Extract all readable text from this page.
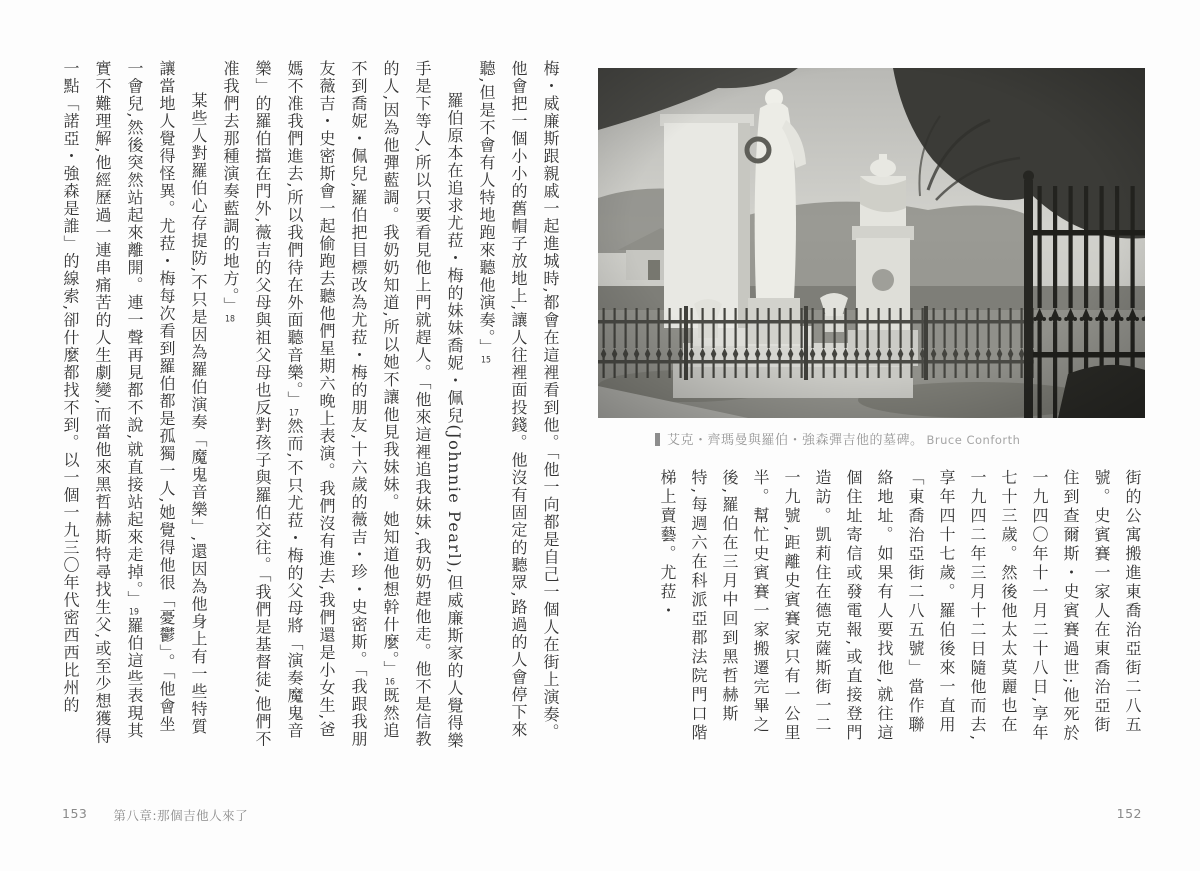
梅・威廉斯跟親戚一起進城時,都會在這裡看到他。「他一向都是自己一個人在街上演奏。他會把一個小小的舊帽子放地上,讓人往裡面投錢。他沒有固定的聽眾,路過的人會停下來聽,但是不會有人特地跑來聽他演奏。」15

羅伯原本在追求尤菈・梅的妹妹喬妮・佩兒(Johnnie Pearl),但威廉斯家的人覺得樂手是下等人,所以只要看見他上門就趕人。「他來這裡追我妹妹,我奶奶趕他走。他不是信教的人,因為他彈藍調。我奶奶知道,所以她不讓他見我妹妹。她知道他想幹什麼。」16既然追不到喬妮・佩兒,羅伯把目標改為尤菈・梅的朋友,十六歲的薇吉・珍・史密斯。「我跟我朋友薇吉・史密斯會一起偷跑去聽他們星期六晚上表演。我們沒有進去,我們還是小女生,爸媽不准我們進去,所以我們待在外面聽音樂。」17然而,不只尤菈・梅的父母將「演奏魔鬼音樂」的羅伯擋在門外,薇吉的父母與祖父母也反對孩子與羅伯交往。「我們是基督徒,他們不准我們去那種演奏藍調的地方。」18

某些人對羅伯心存提防,不只是因為羅伯演奏「魔鬼音樂」,還因為他身上有一些特質讓當地人覺得怪異。尤菈・梅每次看到羅伯都是孤獨一人,她覺得他很「憂鬱」。「他會坐一會兒,然後突然站起來離開。連一聲再見都不說,就直接站起來走掉。」19羅伯這些表現其實不難理解,他經歷過一連串痛苦的人生劇變,而當他來黑哲赫斯特尋找生父,或至少想獲得一點「諾亞・強森是誰」的線索,卻什麼都找不到。以一個一九三〇年代密西西比州的	艾克・齊瑪曼與羅伯・強森彈吉他的墓碑。 Bruce Conforth

街的公寓搬進東喬治亞街二八五號。史賓賽一家人在東喬治亞街住到查爾斯・史賓賽過世;他死於一九四〇年十一月二十八日,享年七十三歲。然後他太太莫麗也在一九四二年三月十二日隨他而去,享年四十七歲。羅伯後來一直用「東喬治亞街二八五號」當作聯絡地址。如果有人要找他,就往這個住址寄信或發電報,或直接登門造訪。凱莉住在德克薩斯街一二一九號,距離史賓賽家只有一公里半。幫忙史賓賽一家搬遷完畢之後,羅伯在三月中回到黑哲赫斯特,每週六在科派亞郡法院門口階梯上賣藝。尤菈・

153 第八章:那個吉他人來了	152
